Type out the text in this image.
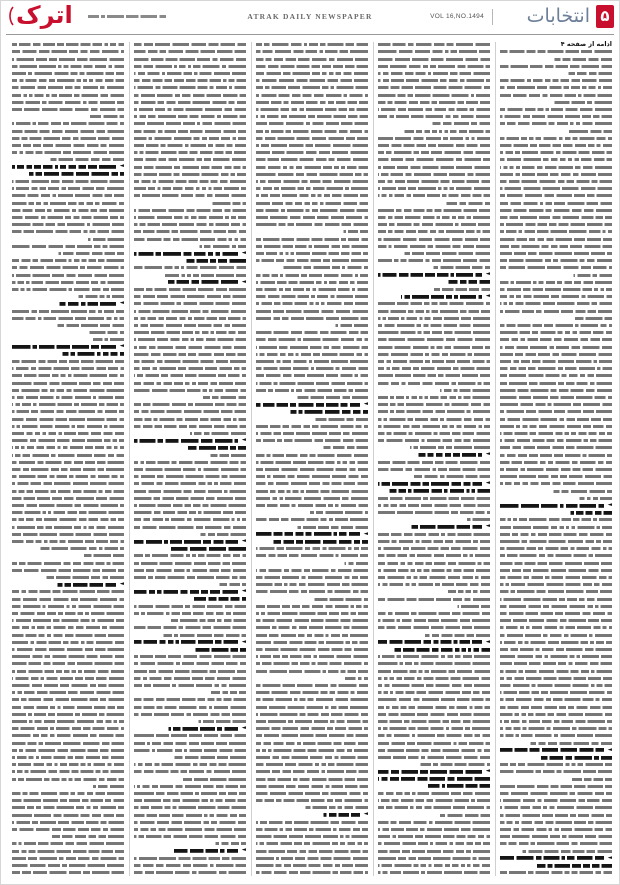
۵
انتخابات
VOL 16,NO.1494
ATRAK DAILY NEWSPAPER
اترک
ادامه از صفحه ۴
◄
◄
◄
◄
◄
◄
◄
◄
◄
◄
◄
◄
◄
◄
◄
◄
◄
◄
◄
◄
◄
◄
◄
◄
◄
